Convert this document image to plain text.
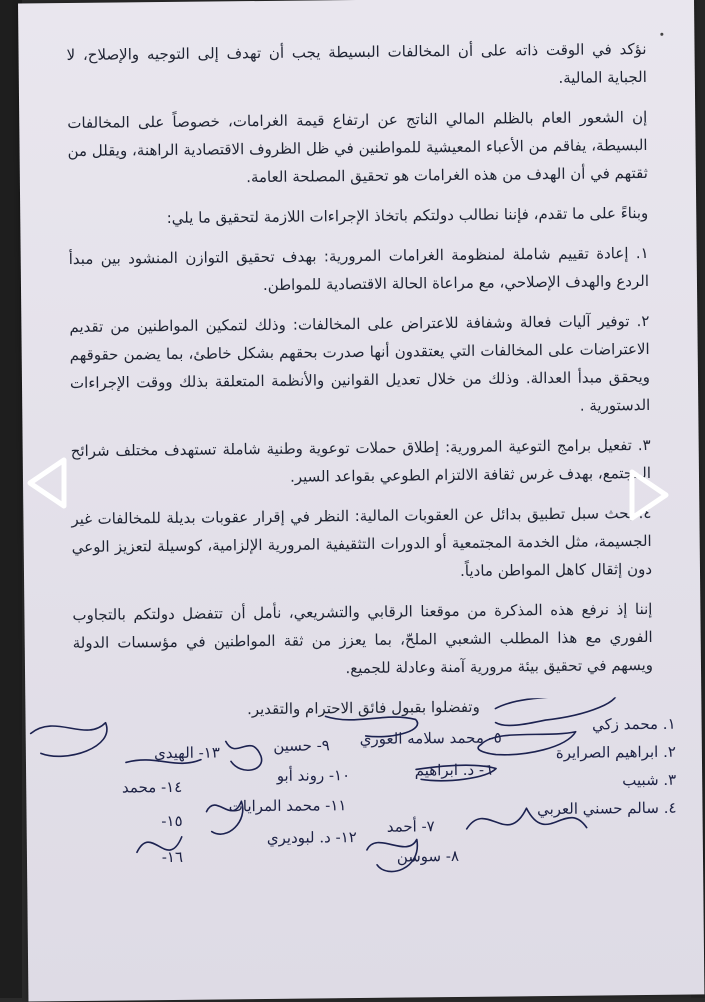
نؤكد في الوقت ذاته على أن المخالفات البسيطة يجب أن تهدف إلى التوجيه والإصلاح، لا الجباية المالية.

إن الشعور العام بالظلم المالي الناتج عن ارتفاع قيمة الغرامات، خصوصاً على المخالفات البسيطة، يفاقم من الأعباء المعيشية للمواطنين في ظل الظروف الاقتصادية الراهنة، ويقلل من ثقتهم في أن الهدف من هذه الغرامات هو تحقيق المصلحة العامة.

وبناءً على ما تقدم، فإننا نطالب دولتكم باتخاذ الإجراءات اللازمة لتحقيق ما يلي:

١. إعادة تقييم شاملة لمنظومة الغرامات المرورية: بهدف تحقيق التوازن المنشود بين مبدأ الردع والهدف الإصلاحي، مع مراعاة الحالة الاقتصادية للمواطن.

٢. توفير آليات فعالة وشفافة للاعتراض على المخالفات: وذلك لتمكين المواطنين من تقديم الاعتراضات على المخالفات التي يعتقدون أنها صدرت بحقهم بشكل خاطئ، بما يضمن حقوقهم ويحقق مبدأ العدالة. وذلك من خلال تعديل القوانين والأنظمة المتعلقة بذلك ووقت الإجراءات الدستورية .

٣. تفعيل برامج التوعية المرورية: إطلاق حملات توعوية وطنية شاملة تستهدف مختلف شرائح المجتمع، بهدف غرس ثقافة الالتزام الطوعي بقواعد السير.

٤. بحث سبل تطبيق بدائل عن العقوبات المالية: النظر في إقرار عقوبات بديلة للمخالفات غير الجسيمة، مثل الخدمة المجتمعية أو الدورات التثقيفية المرورية الإلزامية، كوسيلة لتعزيز الوعي دون إثقال كاهل المواطن مادياً.

إننا إذ نرفع هذه المذكرة من موقعنا الرقابي والتشريعي، نأمل أن تتفضل دولتكم بالتجاوب الفوري مع هذا المطلب الشعبي الملحّ، بما يعزز من ثقة المواطنين في مؤسسات الدولة ويسهم في تحقيق بيئة مرورية آمنة وعادلة للجميع.

وتفضلوا بقبول فائق الاحترام والتقدير.

١. محمد زكي
٢. ابراهيم الصرايرة
٣. شبيب
٤. سالم حسني العربي
٥- محمد سلامه الغوري
٦- د. ابراهيم
٧- أحمد
٨- سوسن
٩- حسين
١٠- روند أبو
١١- محمد المرايات
١٢- د. لبوديري
١٣- الهيدي
١٤- محمد
١٥-
١٦-
